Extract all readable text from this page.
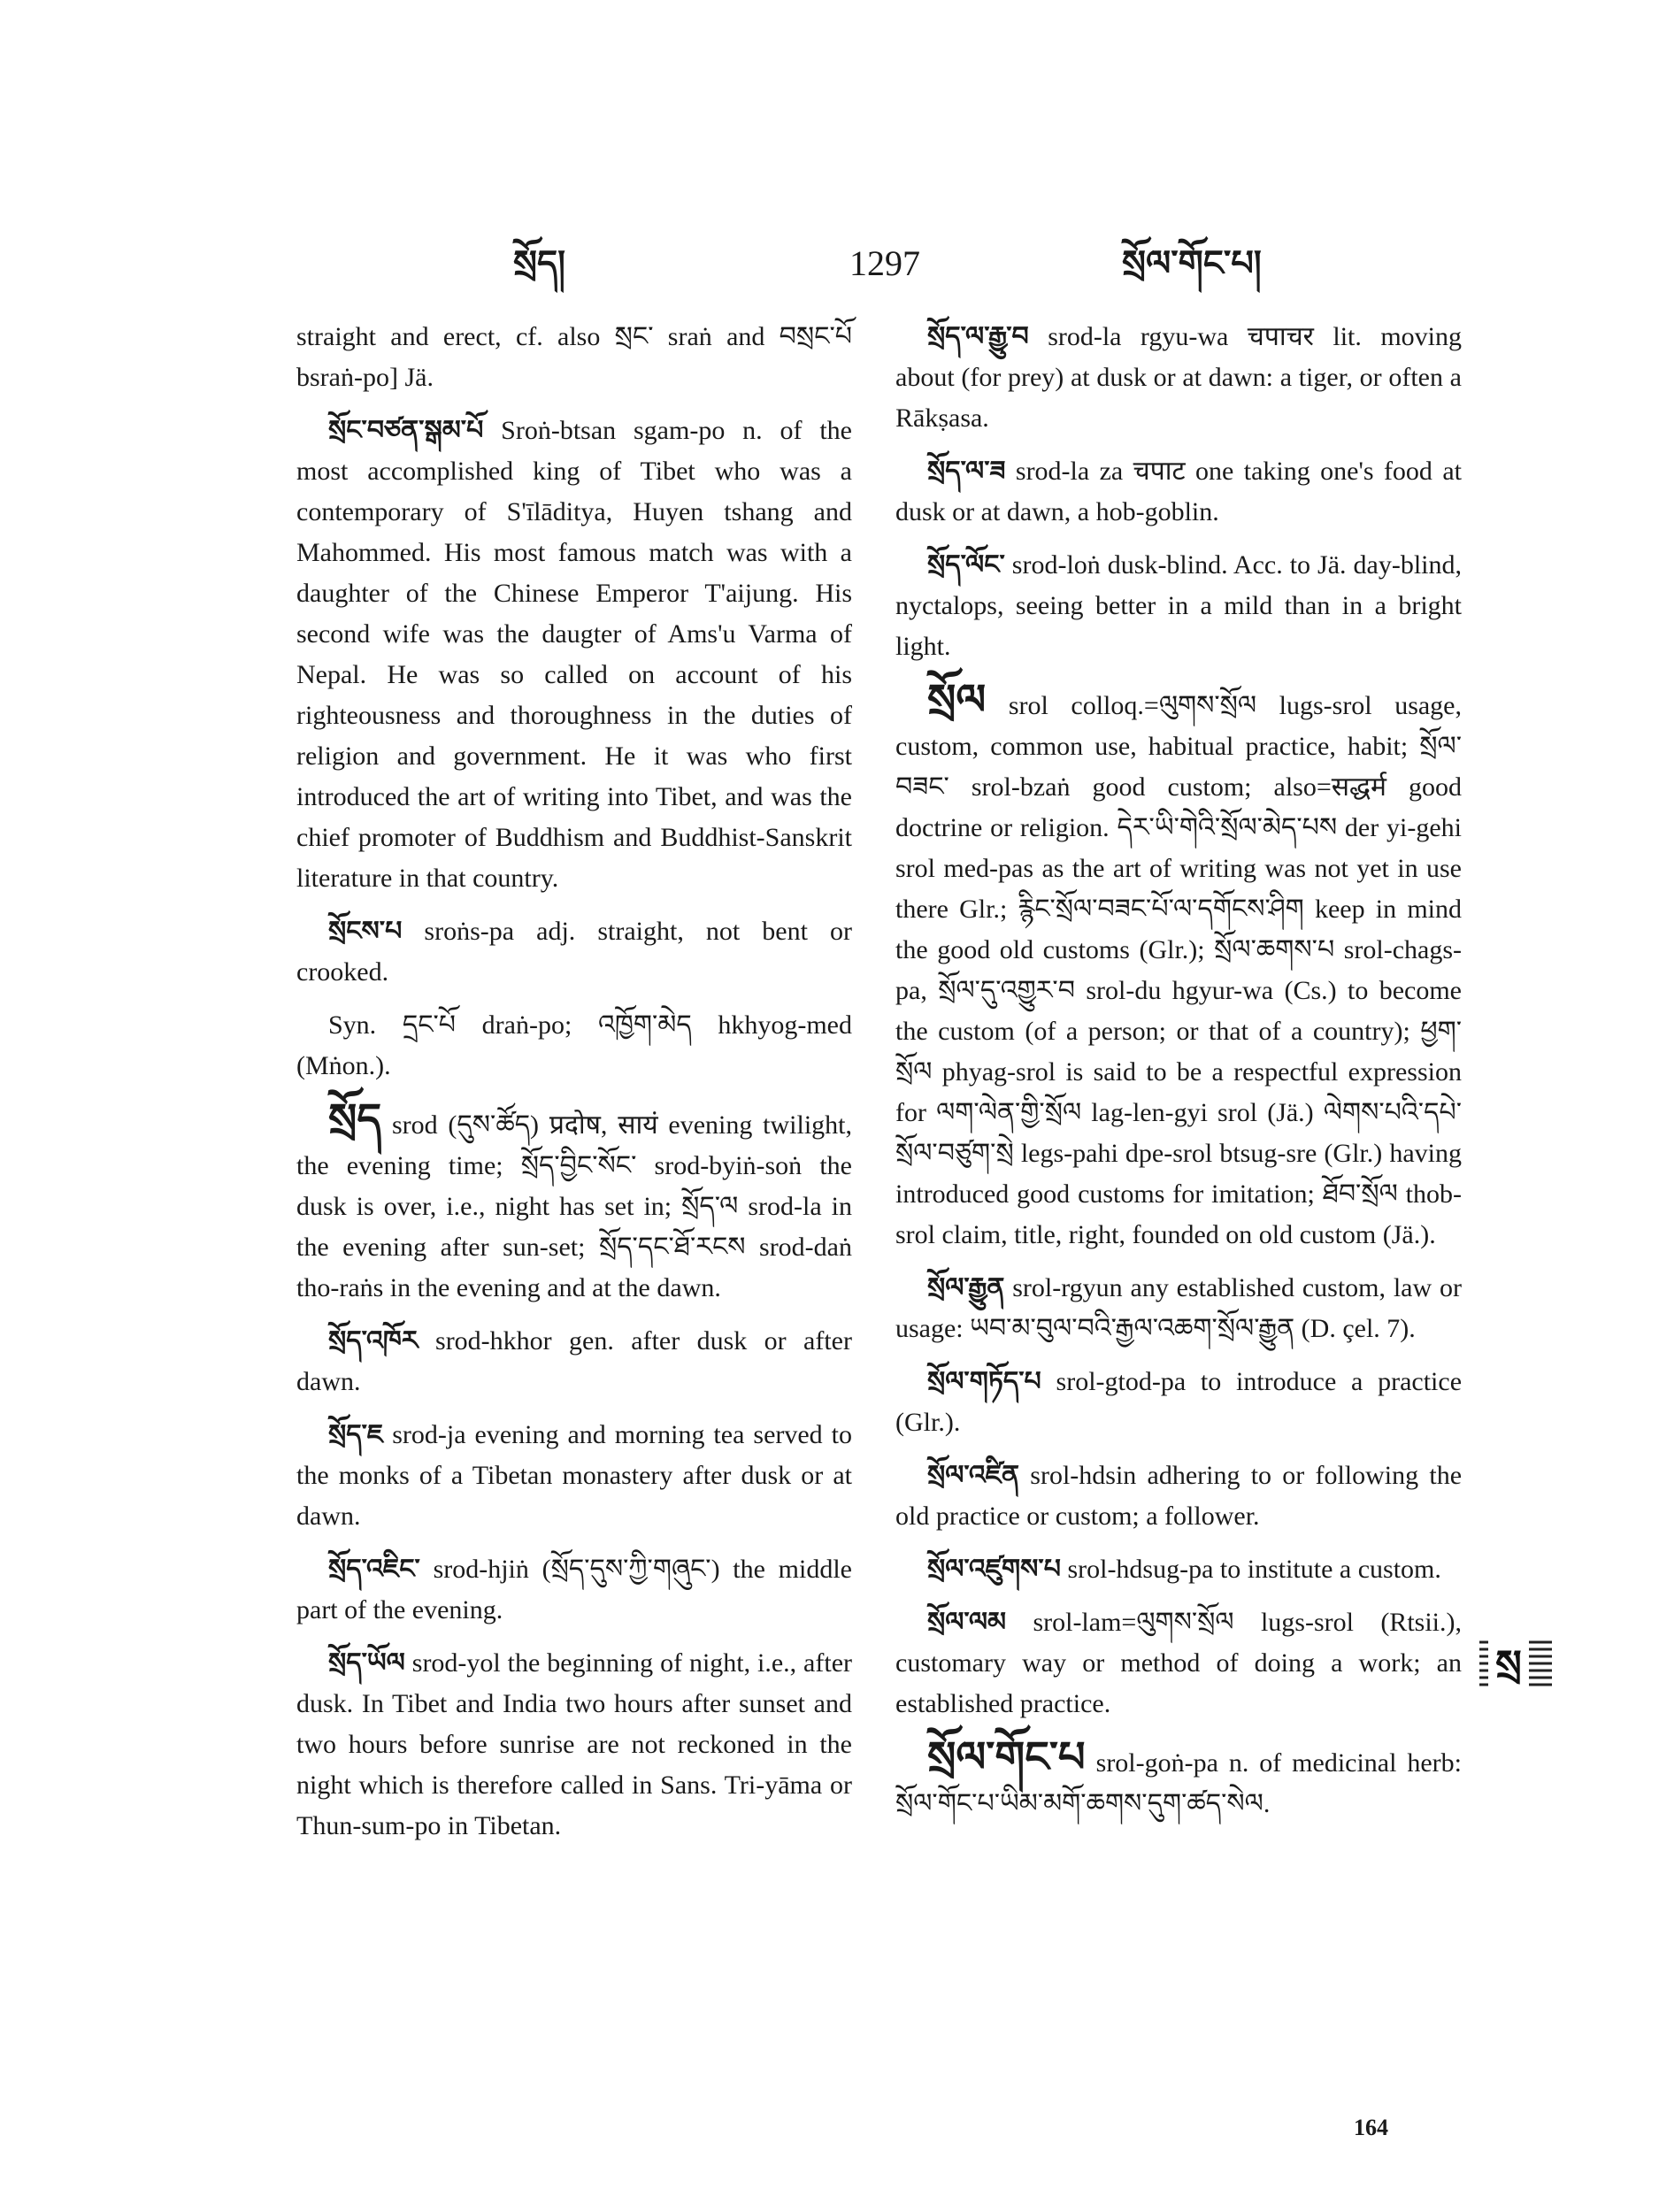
སྲོད།	1297	སྲོལ་གོང་པ།

straight and erect, cf. also སྲང་ sraṅ and བསྲང་པོ bsraṅ-po] Jä.

སྲོང་བཙན་སྒམ་པོ Sroṅ-btsan sgam-po n. of the most accomplished king of Tibet who was a contemporary of S'īlāditya, Huyen tshang and Mahommed. His most famous match was with a daughter of the Chinese Emperor T'aijung. His second wife was the daugter of Ams'u Varma of Nepal. He was so called on account of his righteousness and thoroughness in the duties of religion and government. He it was who first introduced the art of writing into Tibet, and was the chief promoter of Buddhism and Buddhist-Sanskrit literature in that country.

སྲོངས་པ sroṅs-pa adj. straight, not bent or crooked.

Syn. དྲང་པོ draṅ-po; འཁྱོག་མེད hkhyog-med (Mṅon.).

སྲོད srod (དུས་ཚོད) प्रदोष, सायं evening twilight, the evening time; སྲོད་བྱིང་སོང་ srod-byiṅ-soṅ the dusk is over, i.e., night has set in; སྲོད་ལ srod-la in the evening after sun-set; སྲོད་དང་ཐོ་རངས srod-daṅ tho-raṅs in the evening and at the dawn.

སྲོད་འཁོར srod-hkhor gen. after dusk or after dawn.

སྲོད་ཇ srod-ja evening and morning tea served to the monks of a Tibetan monastery after dusk or at dawn.

སྲོད་འཇིང་ srod-hjiṅ (སྲོད་དུས་ཀྱི་གཞུང་) the middle part of the evening.

སྲོད་ཡོལ srod-yol the beginning of night, i.e., after dusk. In Tibet and India two hours after sunset and two hours before sunrise are not reckoned in the night which is therefore called in Sans. Tri-yāma or Thun-sum-po in Tibetan.

སྲོད་ལ་རྒྱུ་བ srod-la rgyu-wa चपाचर lit. moving about (for prey) at dusk or at dawn: a tiger, or often a Rākṣasa.

སྲོད་ལ་ཟ srod-la za चपाट one taking one's food at dusk or at dawn, a hob-goblin.

སྲོད་ལོང་ srod-loṅ dusk-blind. Acc. to Jä. day-blind, nyctalops, seeing better in a mild than in a bright light.

སྲོལ srol colloq.=ལུགས་སྲོལ lugs-srol usage, custom, common use, habitual practice, habit; སྲོལ་བཟང་ srol-bzaṅ good custom; also=सद्धर्म good doctrine or religion. དེར་ཡི་གེའི་སྲོལ་མེད་པས der yi-gehi srol med-pas as the art of writing was not yet in use there Glr.; རྙིང་སྲོལ་བཟང་པོ་ལ་དགོངས་ཤིག keep in mind the good old customs (Glr.); སྲོལ་ཆགས་པ srol-chags-pa, སྲོལ་དུ་འགྱུར་བ srol-du hgyur-wa (Cs.) to become the custom (of a person; or that of a country); ཕྱག་སྲོལ phyag-srol is said to be a respectful expression for ལག་ལེན་གྱི་སྲོལ lag-len-gyi srol (Jä.) ལེགས་པའི་དཔེ་སྲོལ་བཙུག་སྲེ legs-pahi dpe-srol btsug-sre (Glr.) having introduced good customs for imitation; ཐོབ་སྲོལ thob-srol claim, title, right, founded on old custom (Jä.).

སྲོལ་རྒྱུན srol-rgyun any established custom, law or usage: ཡབ་མ་བུལ་བའི་རྒྱལ་འཆག་སྲོལ་རྒྱུན (D. çel. 7).

སྲོལ་གཏོད་པ srol-gtod-pa to introduce a practice (Glr.).

སྲོལ་འཛིན srol-hdsin adhering to or following the old practice or custom; a follower.

སྲོལ་འཛུགས་པ srol-hdsug-pa to institute a custom.

སྲོལ་ལམ srol-lam=ལུགས་སྲོལ lugs-srol (Rtsii.), customary way or method of doing a work; an established practice.

སྲོལ་གོང་པ srol-goṅ-pa n. of medicinal herb: སྲོལ་གོང་པ་ཡིམ་མགོ་ཆགས་དུག་ཚད་སེལ.

སྲ
164
